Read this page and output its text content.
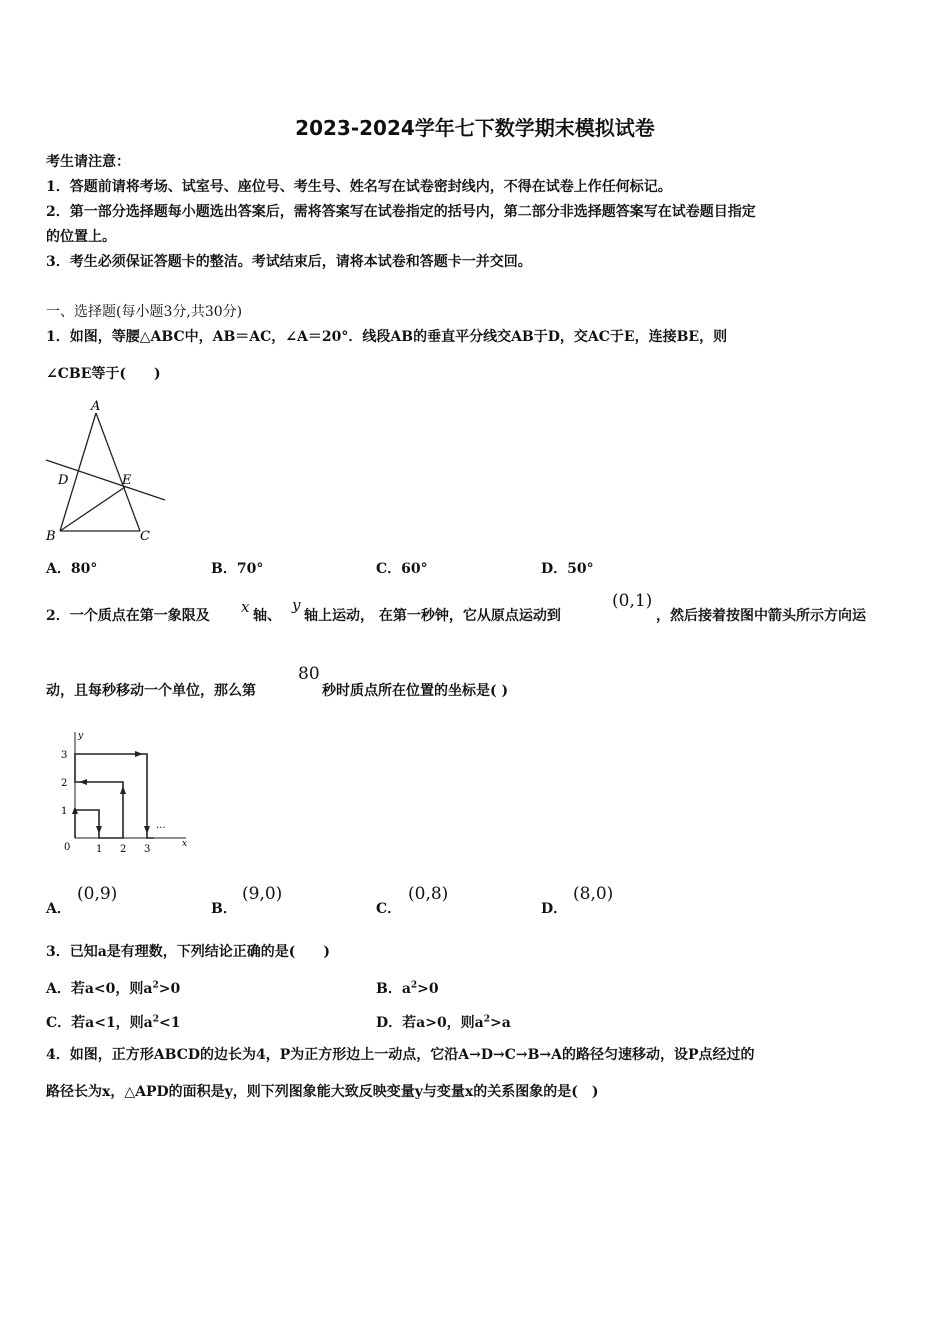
2023-2024学年七下数学期末模拟试卷
考生请注意：
1．答题前请将考场、试室号、座位号、考生号、姓名写在试卷密封线内，不得在试卷上作任何标记。
2．第一部分选择题每小题选出答案后，需将答案写在试卷指定的括号内，第二部分非选择题答案写在试卷题目指定
的位置上。
3．考生必须保证答题卡的整洁。考试结束后，请将本试卷和答题卡一并交回。
一、选择题(每小题3分,共30分)
1．如图，等腰△ABC中，AB＝AC，∠A＝20°．线段AB的垂直平分线交AB于D，交AC于E，连接BE，则
∠CBE等于(　　)
A
D	E
B	C
A．80°	B．70°	C．60°	D．50°
2．一个质点在第一象限及 x 轴、
y
轴上运动， 在第一秒钟，它从原点运动到
(0,1)
，然后接着按图中箭头所示方向运
动，且每秒移动一个单位，那么第
80
秒时质点所在位置的坐标是( )
3
2
1
0	1 2 3
...
x
y
A．
(0,9)
B．
(9,0)
C．
(0,8)
D．
(8,0)
3．已知a是有理数，下列结论正确的是(　　)
A．若a<0，则$a^2>0$	B．$a^2>0$
C．若a<1，则$a^2<1$	D．若a>0，则$a^2>a$
4．如图，正方形ABCD的边长为4，P为正方形边上一动点，它沿A→D→C→B→A的路径匀速移动，设P点经过的
路径长为x，△APD的面积是y，则下列图象能大致反映变量y与变量x的关系图象的是(　)
